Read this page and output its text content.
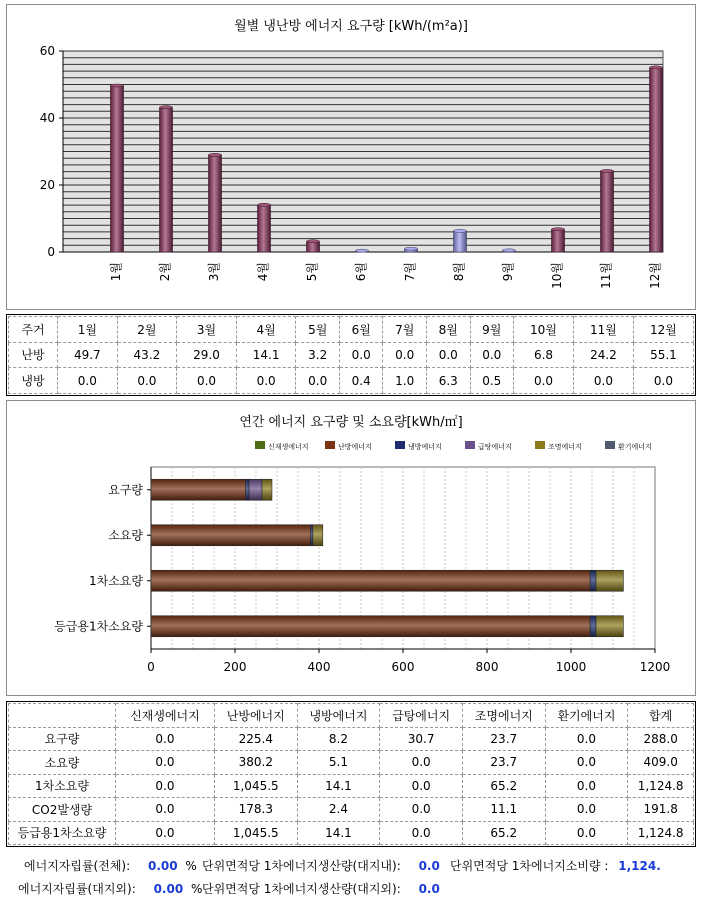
월별 냉난방 에너지 요구량 [kWh/(m²a)]
0
20
40
60
1월	2월	3월	4월	5월	6월	7월	8월	9월	10월	11월	12월
주거	1월	2월	3월	4월	5월	6월	7월	8월	9월	10월	11월	12월
난방	49.7	43.2	29.0	14.1	3.2	0.0	0.0	0.0	0.0	6.8	24.2	55.1
냉방	0.0	0.0	0.0	0.0	0.0	0.4	1.0	6.3	0.5	0.0	0.0	0.0
연간 에너지 요구량 및 소요량[kWh/㎡]
0	200	400	600	800	1000	1200
신재생에너지	난방에너지	냉방에너지	급탕에너지	조명에너지	환기에너지
요구량
소요량
1차소요량
등급용1차소요량
	신재생에너지	난방에너지	냉방에너지	급탕에너지	조명에너지	환기에너지	합계
요구량	0.0	225.4	8.2	30.7	23.7	0.0	288.0
소요량	0.0	380.2	5.1	0.0	23.7	0.0	409.0
1차소요량	0.0	1,045.5	14.1	0.0	65.2	0.0	1,124.8
CO2발생량	0.0	178.3	2.4	0.0	11.1	0.0	191.8
등급용1차소요량	0.0	1,045.5	14.1	0.0	65.2	0.0	1,124.8
에너지자립률(전체): 0.00 %
에너지자립률(대지외): 0.00 %
단위면적당 1차에너지생산량(대지내): 0.0
단위면적당 1차에너지생산량(대지외): 0.0
단위면적당 1차에너지소비량 : 1,124.
